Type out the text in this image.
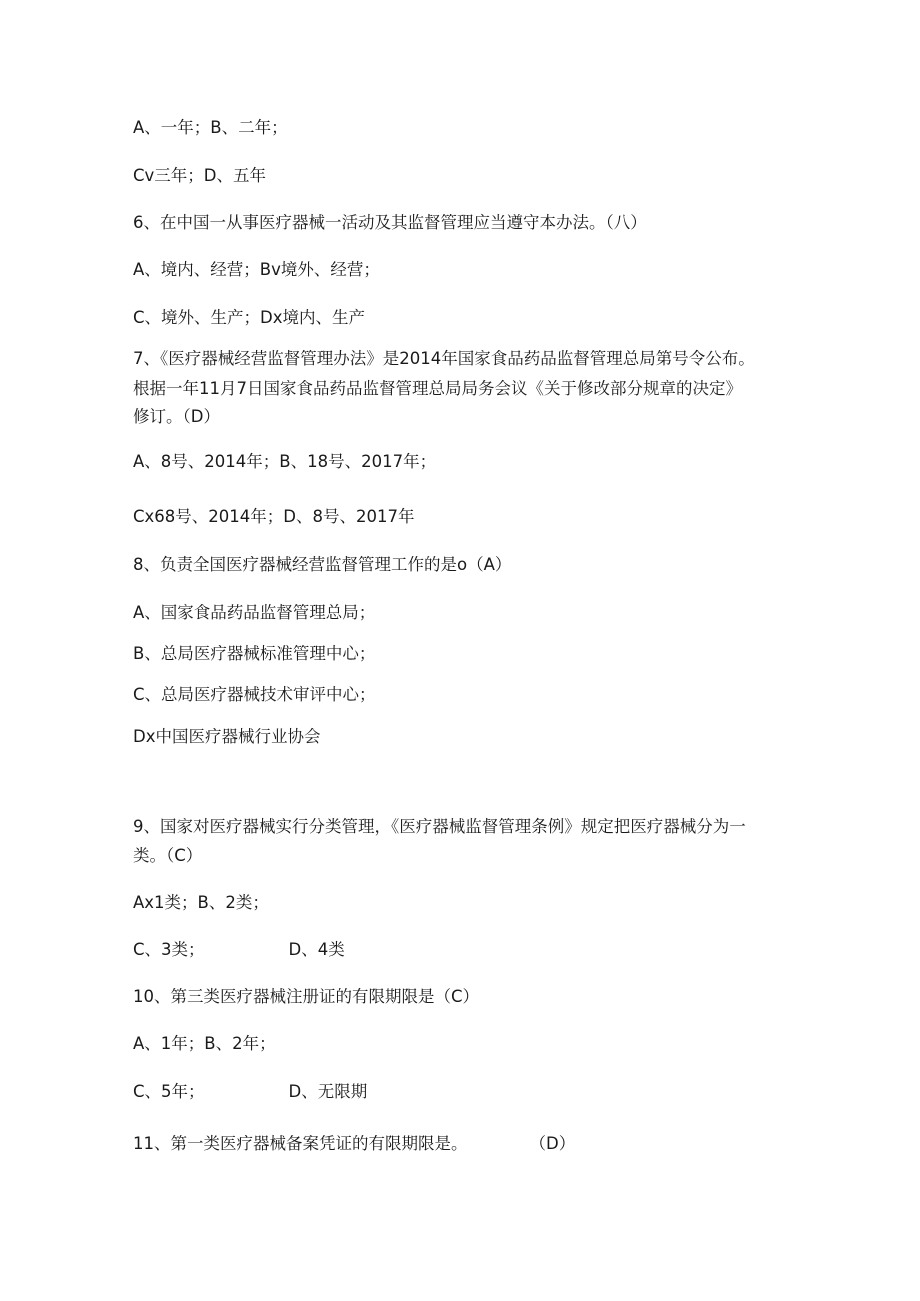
A、一年；B、二年；

Cv三年；D、五年

6、在中国一从事医疗器械一活动及其监督管理应当遵守本办法。（八）

A、境内、经营；Bv境外、经营；

C、境外、生产；Dx境内、生产

7、《医疗器械经营监督管理办法》是2014年国家食品药品监督管理总局第号令公布。

根据一年11月7日国家食品药品监督管理总局局务会议《关于修改部分规章的决定》

修订。（D）

A、8号、2014年；B、18号、2017年；

Cx68号、2014年；D、8号、2017年

8、负责全国医疗器械经营监督管理工作的是o（A）

A、国家食品药品监督管理总局；

B、总局医疗器械标准管理中心；

C、总局医疗器械技术审评中心；

Dx中国医疗器械行业协会

9、国家对医疗器械实行分类管理，《医疗器械监督管理条例》规定把医疗器械分为一

类。（C）

Ax1类；B、2类；

C、3类；	D、4类

10、第三类医疗器械注册证的有限期限是（C）

A、1年；B、2年；

C、5年；	D、无限期

11、第一类医疗器械备案凭证的有限期限是。	（D）
